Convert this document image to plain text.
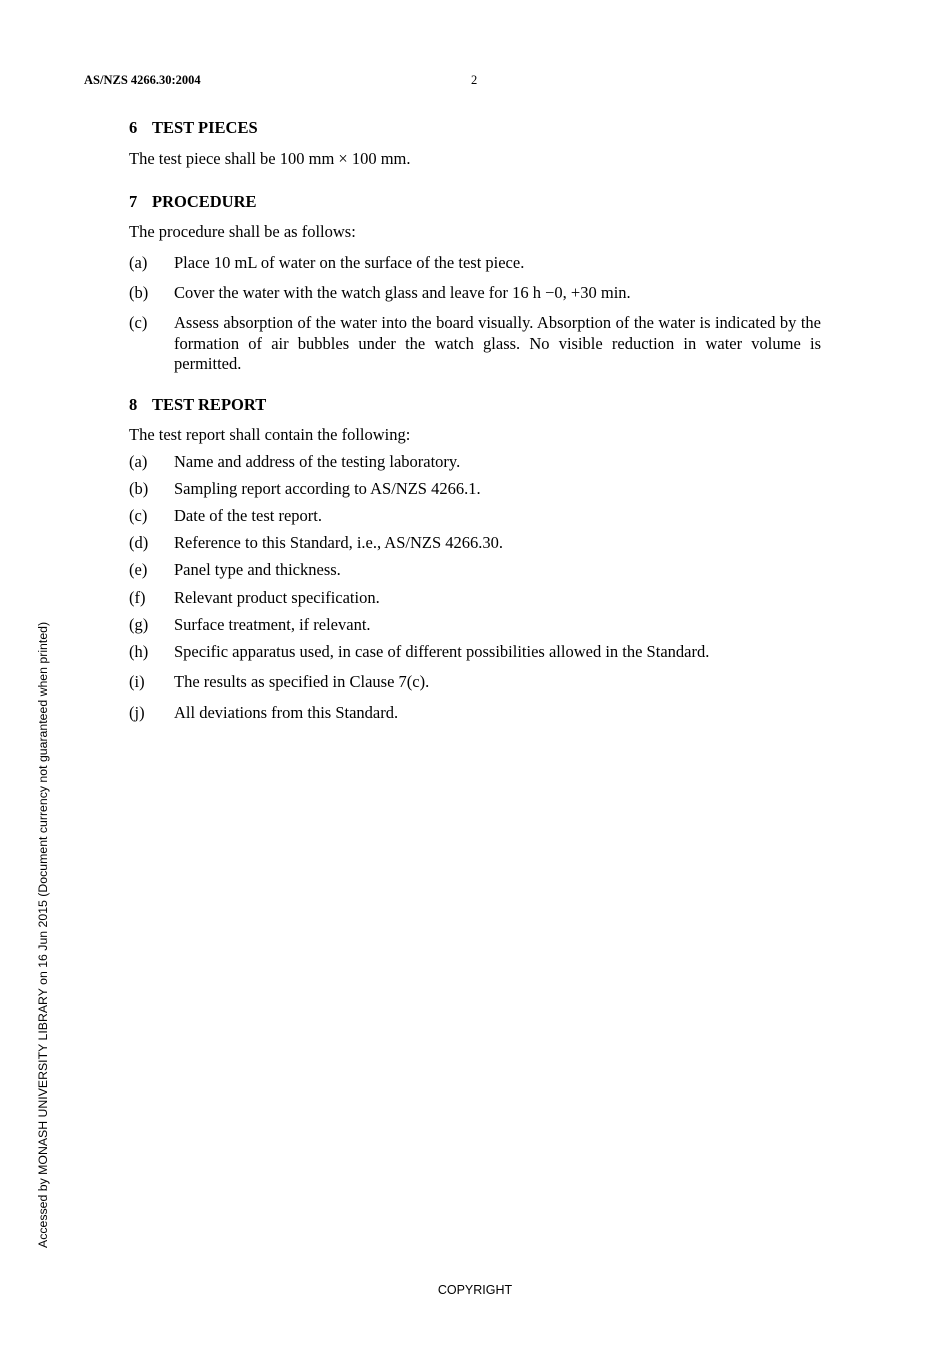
AS/NZS 4266.30:2004	2
6 TEST PIECES
The test piece shall be 100 mm × 100 mm.
7 PROCEDURE
The procedure shall be as follows:
(a) Place 10 mL of water on the surface of the test piece.
(b) Cover the water with the watch glass and leave for 16 h −0, +30 min.
(c) Assess absorption of the water into the board visually. Absorption of the water is indicated by the formation of air bubbles under the watch glass. No visible reduction in water volume is permitted.
8 TEST REPORT
The test report shall contain the following:
(a) Name and address of the testing laboratory.
(b) Sampling report according to AS/NZS 4266.1.
(c) Date of the test report.
(d) Reference to this Standard, i.e., AS/NZS 4266.30.
(e) Panel type and thickness.
(f) Relevant product specification.
(g) Surface treatment, if relevant.
(h) Specific apparatus used, in case of different possibilities allowed in the Standard.
(i) The results as specified in Clause 7(c).
(j) All deviations from this Standard.
Accessed by MONASH UNIVERSITY LIBRARY on 16 Jun 2015 (Document currency not guaranteed when printed)
COPYRIGHT
